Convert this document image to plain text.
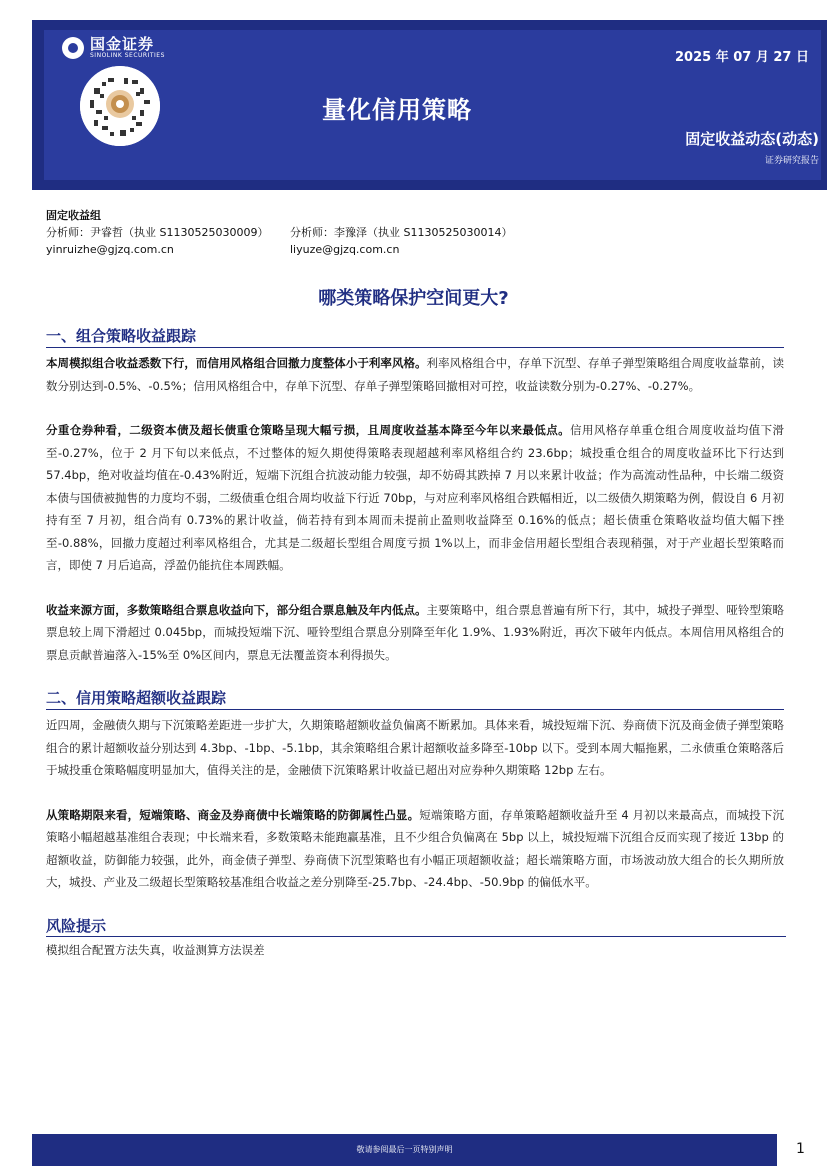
国金证券
SINOLINK SECURITIES	2025 年 07 月 27 日
量化信用策略
固定收益动态(动态)
证券研究报告
固定收益组
分析师：尹睿哲（执业 S1130525030009）	分析师：李豫泽（执业 S1130525030014）
yinruizhe@gjzq.com.cn	liyuze@gjzq.com.cn
哪类策略保护空间更大?
一、组合策略收益跟踪

本周模拟组合收益悉数下行，而信用风格组合回撤力度整体小于利率风格。利率风格组合中，存单下沉型、存单子弹型策略组合周度收益靠前，读数分别达到-0.5%、-0.5%；信用风格组合中，存单下沉型、存单子弹型策略回撤相对可控，收益读数分别为-0.27%、-0.27%。

分重仓券种看，二级资本债及超长债重仓策略呈现大幅亏损，且周度收益基本降至今年以来最低点。信用风格存单重仓组合周度收益均值下滑至-0.27%，位于 2 月下旬以来低点，不过整体的短久期使得策略表现超越利率风格组合约 23.6bp；城投重仓组合的周度收益环比下行达到 57.4bp，绝对收益均值在-0.43%附近，短端下沉组合抗波动能力较强，却不妨碍其跌掉 7 月以来累计收益；作为高流动性品种，中长端二级资本债与国债被抛售的力度均不弱，二级债重仓组合周均收益下行近 70bp，与对应利率风格组合跌幅相近，以二级债久期策略为例，假设自 6 月初持有至 7 月初，组合尚有 0.73%的累计收益，倘若持有到本周而未提前止盈则收益降至 0.16%的低点；超长债重仓策略收益均值大幅下挫至-0.88%，回撤力度超过利率风格组合，尤其是二级超长型组合周度亏损 1%以上，而非金信用超长型组合表现稍强，对于产业超长型策略而言，即使 7 月后追高，浮盈仍能抗住本周跌幅。

收益来源方面，多数策略组合票息收益向下，部分组合票息触及年内低点。主要策略中，组合票息普遍有所下行，其中，城投子弹型、哑铃型策略票息较上周下滑超过 0.045bp，而城投短端下沉、哑铃型组合票息分别降至年化 1.9%、1.93%附近，再次下破年内低点。本周信用风格组合的票息贡献普遍落入-15%至 0%区间内，票息无法覆盖资本利得损失。

二、信用策略超额收益跟踪

近四周，金融债久期与下沉策略差距进一步扩大，久期策略超额收益负偏离不断累加。具体来看，城投短端下沉、券商债下沉及商金债子弹型策略组合的累计超额收益分别达到 4.3bp、-1bp、-5.1bp，其余策略组合累计超额收益多降至-10bp 以下。受到本周大幅拖累，二永债重仓策略落后于城投重仓策略幅度明显加大，值得关注的是，金融债下沉策略累计收益已超出对应券种久期策略 12bp 左右。

从策略期限来看，短端策略、商金及券商债中长端策略的防御属性凸显。短端策略方面，存单策略超额收益升至 4 月初以来最高点，而城投下沉策略小幅超越基准组合表现；中长端来看，多数策略未能跑赢基准，且不少组合负偏离在 5bp 以上，城投短端下沉组合反而实现了接近 13bp 的超额收益，防御能力较强，此外，商金债子弹型、券商债下沉型策略也有小幅正项超额收益；超长端策略方面，市场波动放大组合的长久期所放大，城投、产业及二级超长型策略较基准组合收益之差分别降至-25.7bp、-24.4bp、-50.9bp 的偏低水平。

风险提示
模拟组合配置方法失真，收益测算方法误差
敬请参阅最后一页特别声明	1
